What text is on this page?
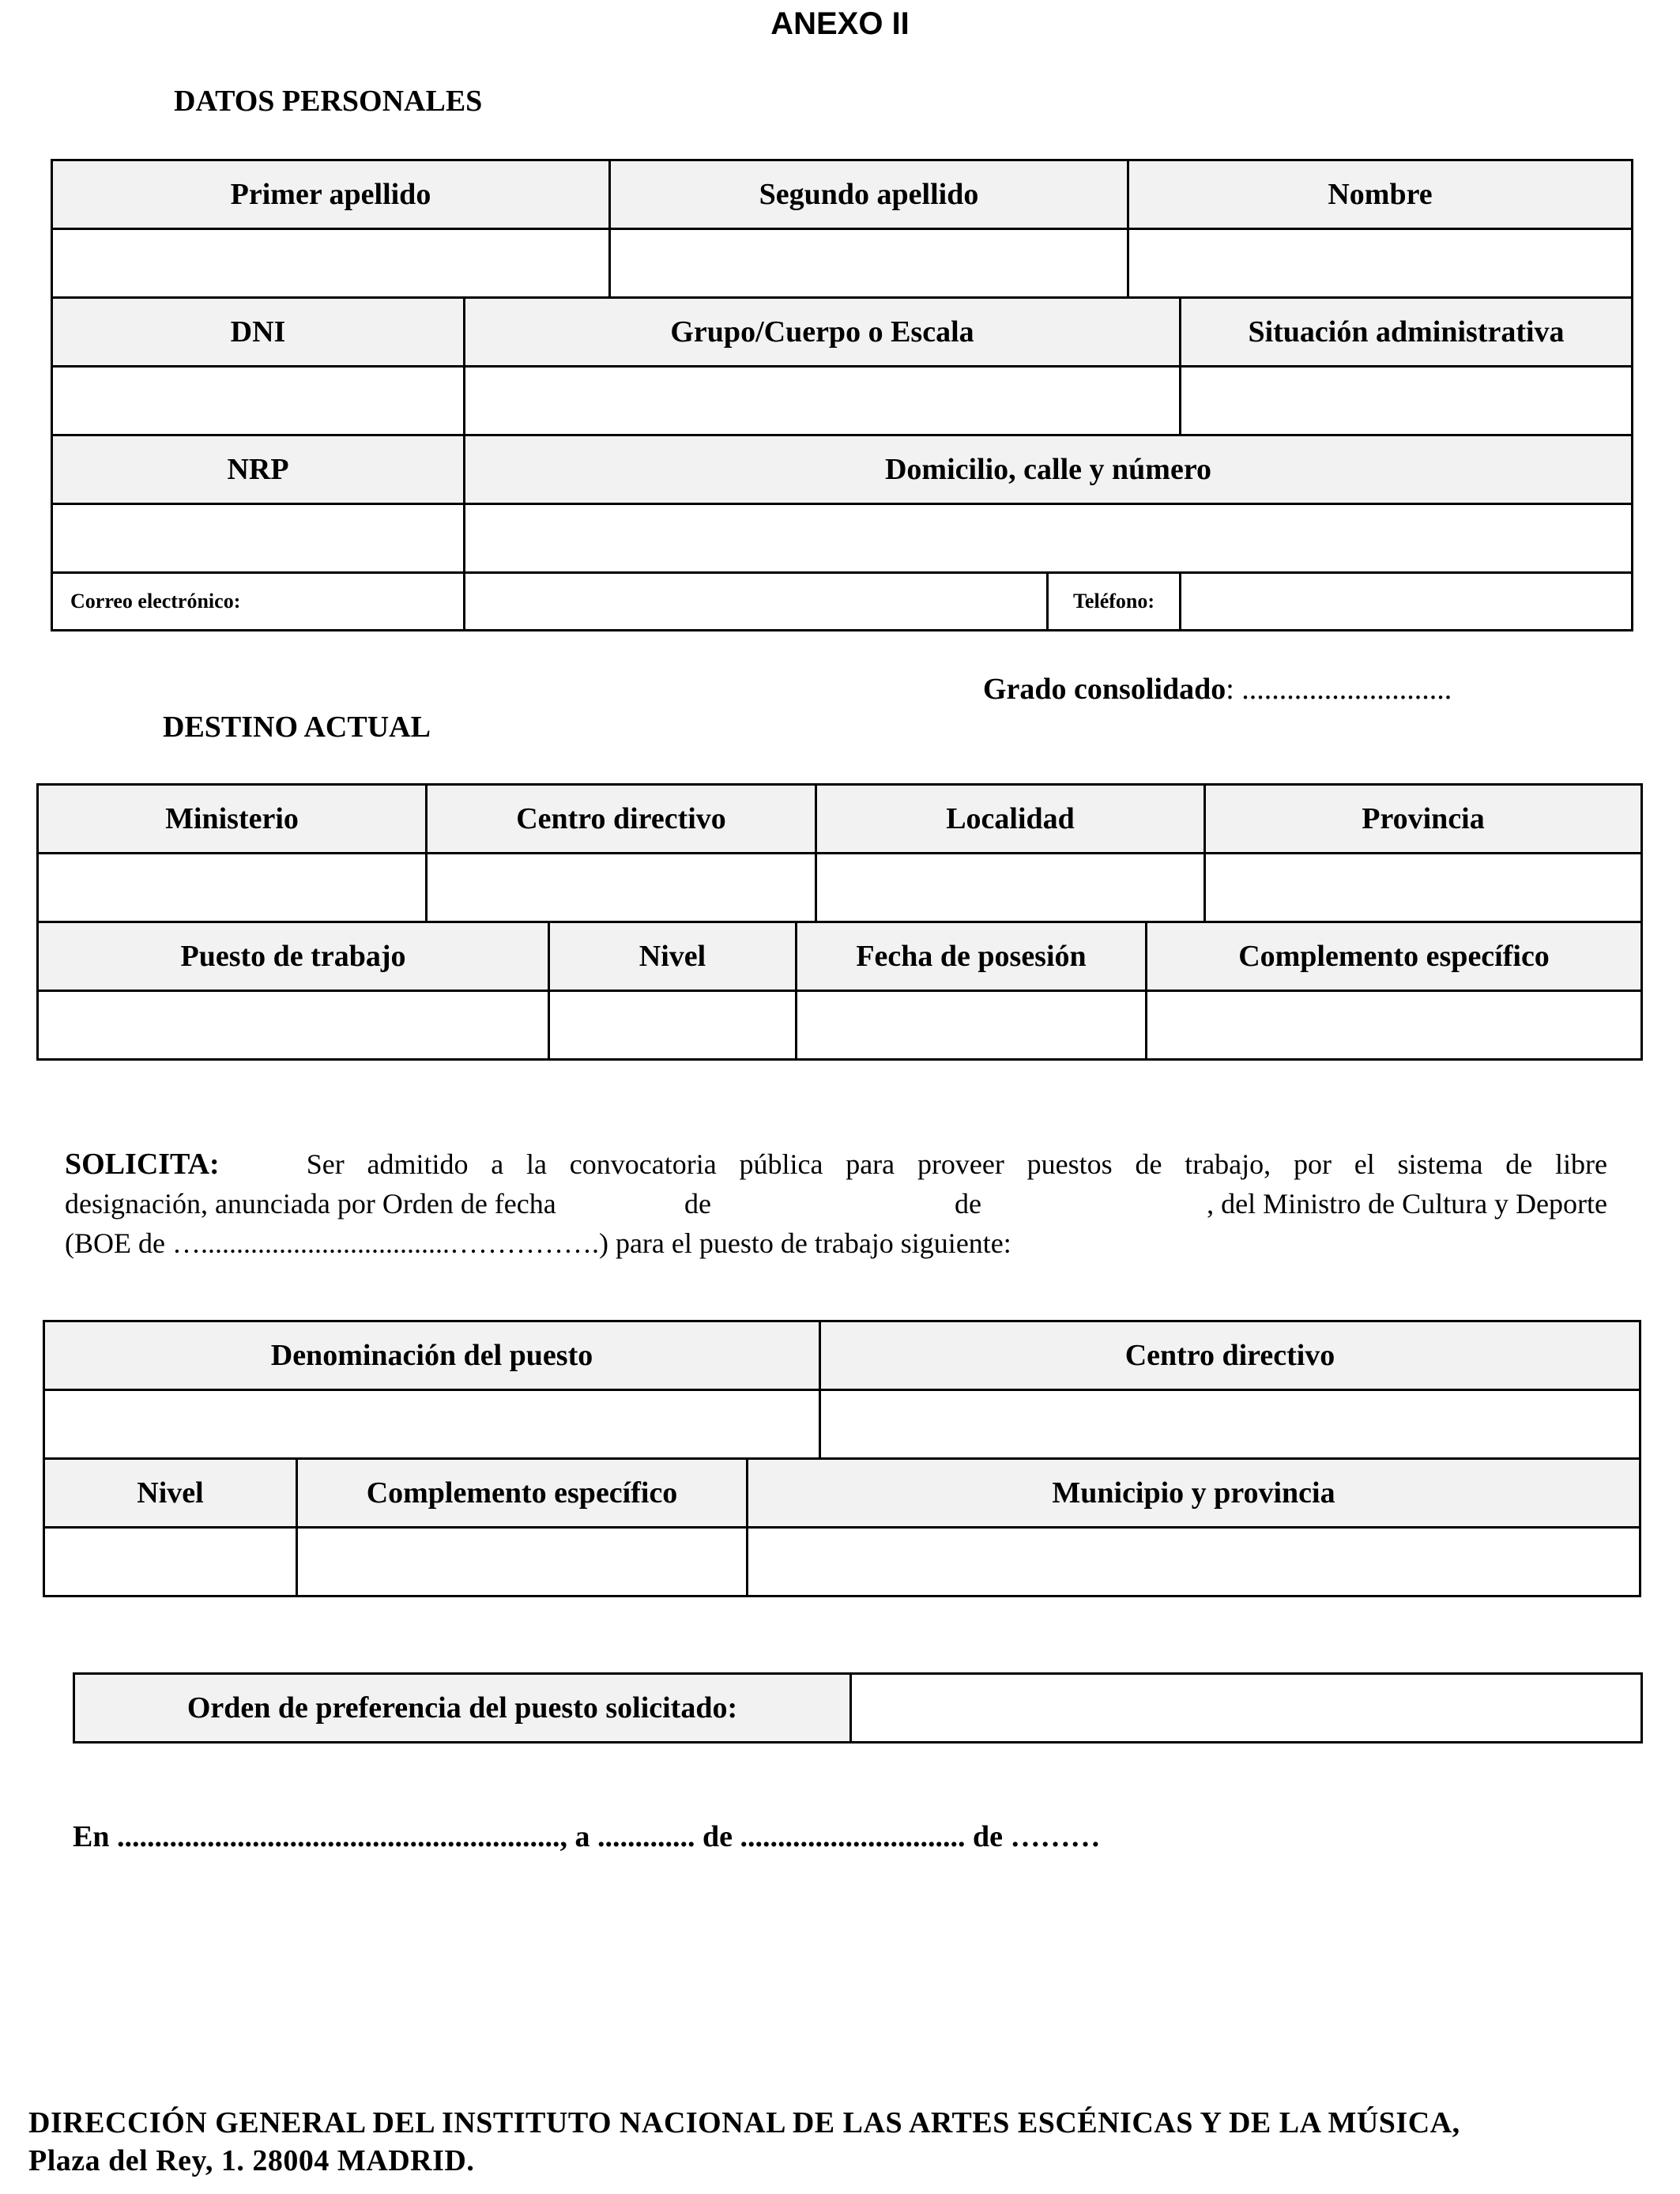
ANEXO II
DATOS PERSONALES
Primer apellido	Segundo apellido	Nombre

DNI	Grupo/Cuerpo o Escala		Situación administrativa

NRP	Domicilio, calle y número		

Correo electrónico:		Teléfono:	
Grado consolidado: ............................
DESTINO ACTUAL
Ministerio	Centro directivo	Localidad	Provincia

Puesto de trabajo	Nivel	Fecha de posesión	Complemento específico

SOLICITA:	Ser admitido a la convocatoria pública para proveer puestos de trabajo, por el sistema de libre
designación, anunciada por Orden de fecha	de	de	, del Ministro de Cultura y Deporte
(BOE de …...................................…………….) para el puesto de trabajo siguiente:
Denominación del puesto	Centro directivo

Nivel	Complemento específico	Municipio y provincia

Orden de preferencia del puesto solicitado:	
En ..........................................................., a ............. de .............................. de ………
DIRECCIÓN GENERAL DEL INSTITUTO NACIONAL DE LAS ARTES ESCÉNICAS Y DE LA MÚSICA,
Plaza del Rey, 1. 28004 MADRID.
